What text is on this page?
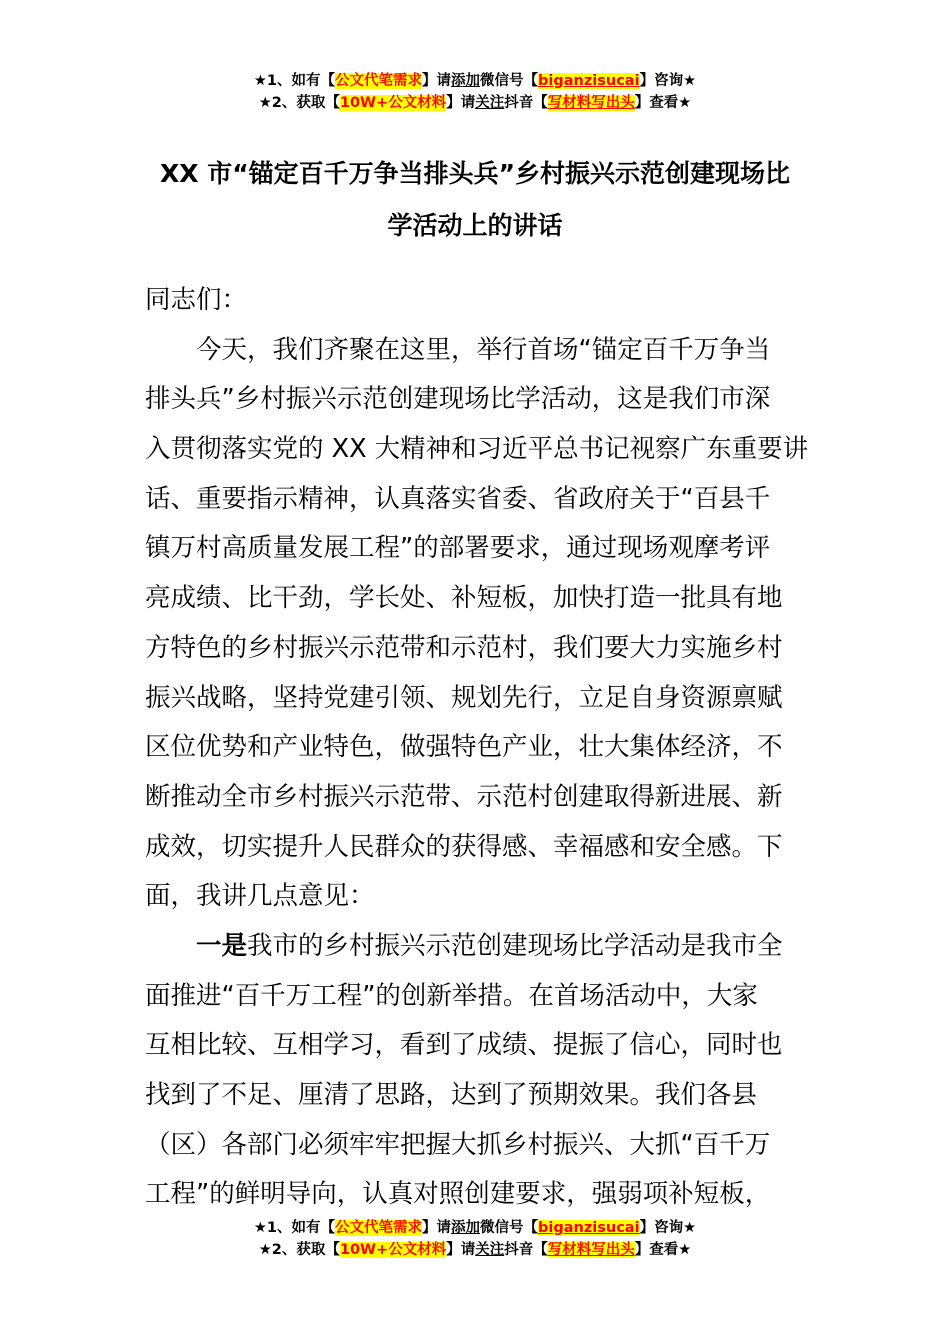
★1、如有【公文代笔需求】请添加微信号【biganzisucai】咨询★
★2、获取【10W+公文材料】请关注抖音【写材料写出头】查看★
XX 市“锚定百千万争当排头兵”乡村振兴示范创建现场比
学活动上的讲话
同志们：
今天，我们齐聚在这里，举行首场“锚定百千万争当
排头兵”乡村振兴示范创建现场比学活动，这是我们市深
入贯彻落实党的 XX 大精神和习近平总书记视察广东重要讲
话、重要指示精神，认真落实省委、省政府关于“百县千
镇万村高质量发展工程”的部署要求，通过现场观摩考评
亮成绩、比干劲，学长处、补短板，加快打造一批具有地
方特色的乡村振兴示范带和示范村，我们要大力实施乡村
振兴战略，坚持党建引领、规划先行，立足自身资源禀赋
区位优势和产业特色，做强特色产业，壮大集体经济，不
断推动全市乡村振兴示范带、示范村创建取得新进展、新
成效，切实提升人民群众的获得感、幸福感和安全感。下
面，我讲几点意见：
一是我市的乡村振兴示范创建现场比学活动是我市全
面推进“百千万工程”的创新举措。在首场活动中，大家
互相比较、互相学习，看到了成绩、提振了信心，同时也
找到了不足、厘清了思路，达到了预期效果。我们各县
（区）各部门必须牢牢把握大抓乡村振兴、大抓“百千万
工程”的鲜明导向，认真对照创建要求，强弱项补短板，
★1、如有【公文代笔需求】请添加微信号【biganzisucai】咨询★
★2、获取【10W+公文材料】请关注抖音【写材料写出头】查看★
